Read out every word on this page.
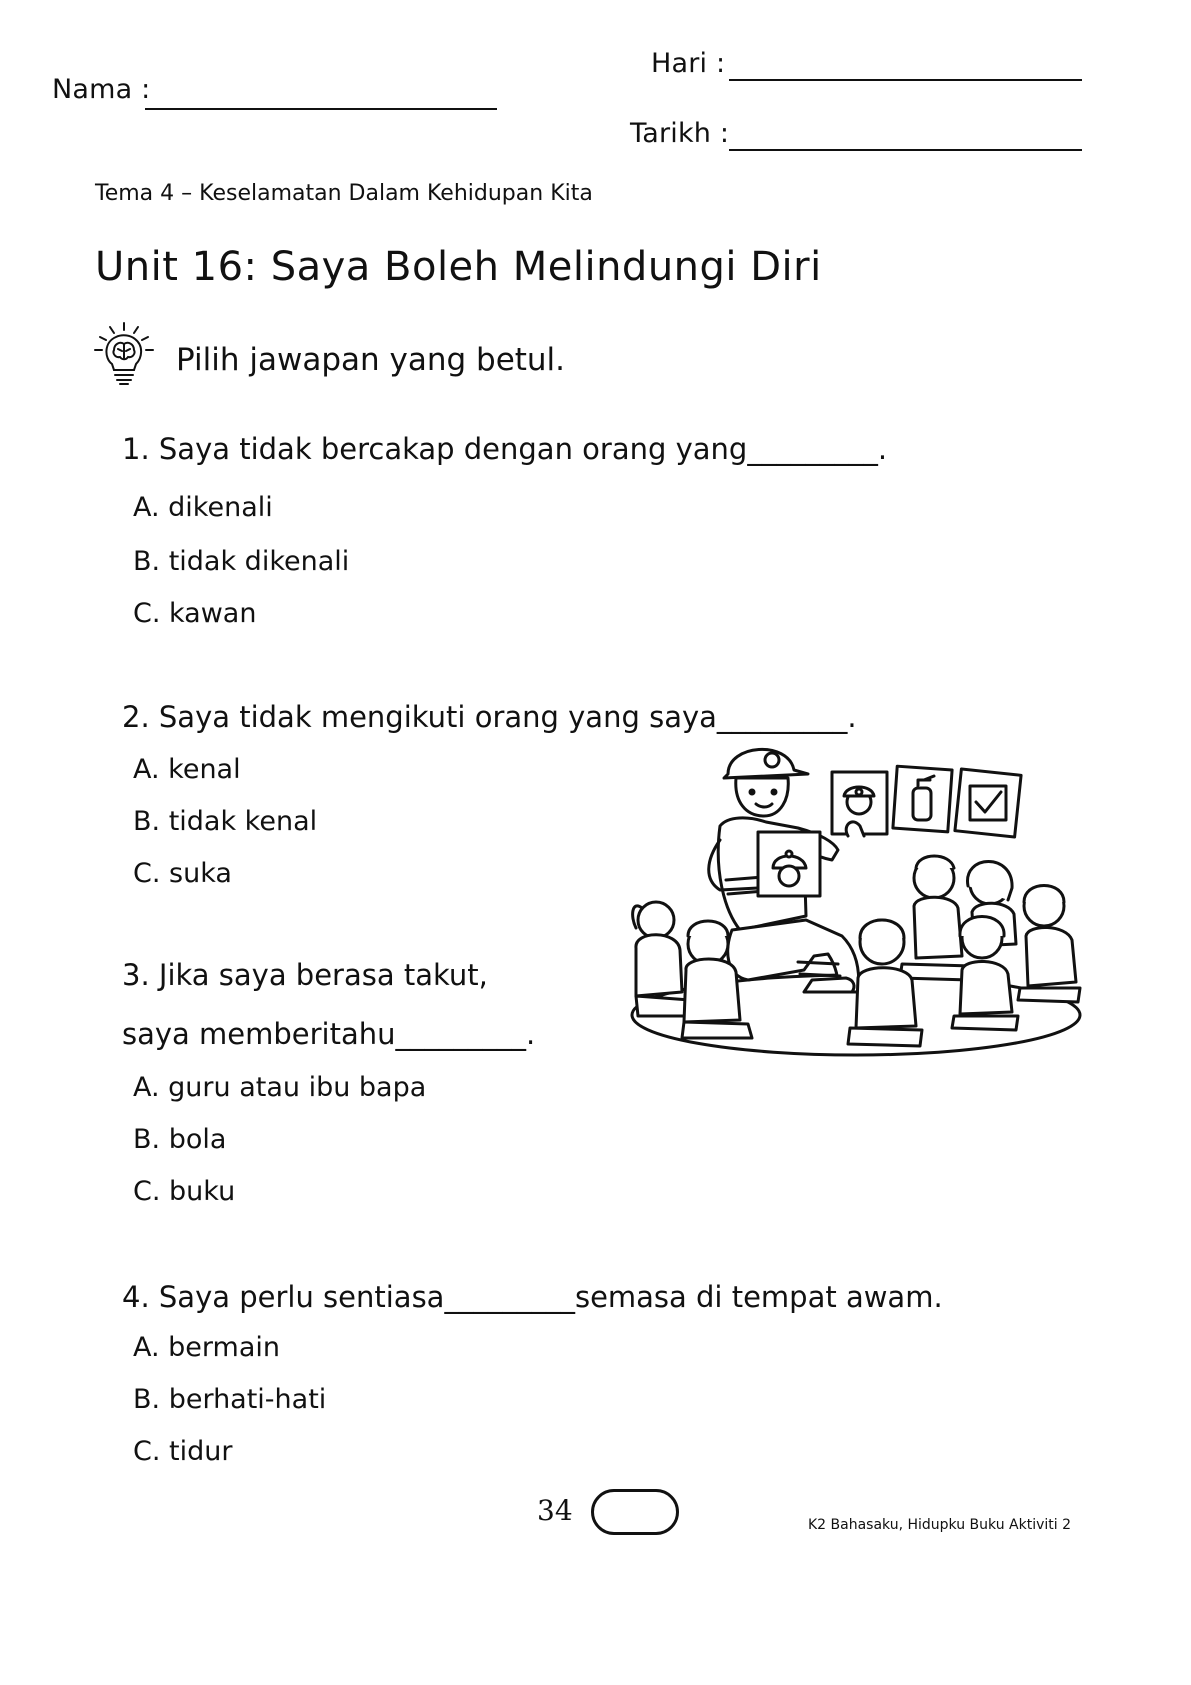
Nama :
Hari :
Tarikh :
Tema 4 – Keselamatan Dalam Kehidupan Kita
Unit 16: Saya Boleh Melindungi Diri
Pilih jawapan yang betul.
1. Saya tidak bercakap dengan orang yang_________.
A. dikenali
B. tidak dikenali
C. kawan
2. Saya tidak mengikuti orang yang saya_________.
A. kenal
B. tidak kenal
C. suka
3. Jika saya berasa takut,
saya memberitahu_________.
A. guru atau ibu bapa
B. bola
C. buku
4. Saya perlu sentiasa_________semasa di tempat awam.
A. bermain
B. berhati-hati
C. tidur
34	K2 Bahasaku, Hidupku Buku Aktiviti 2
